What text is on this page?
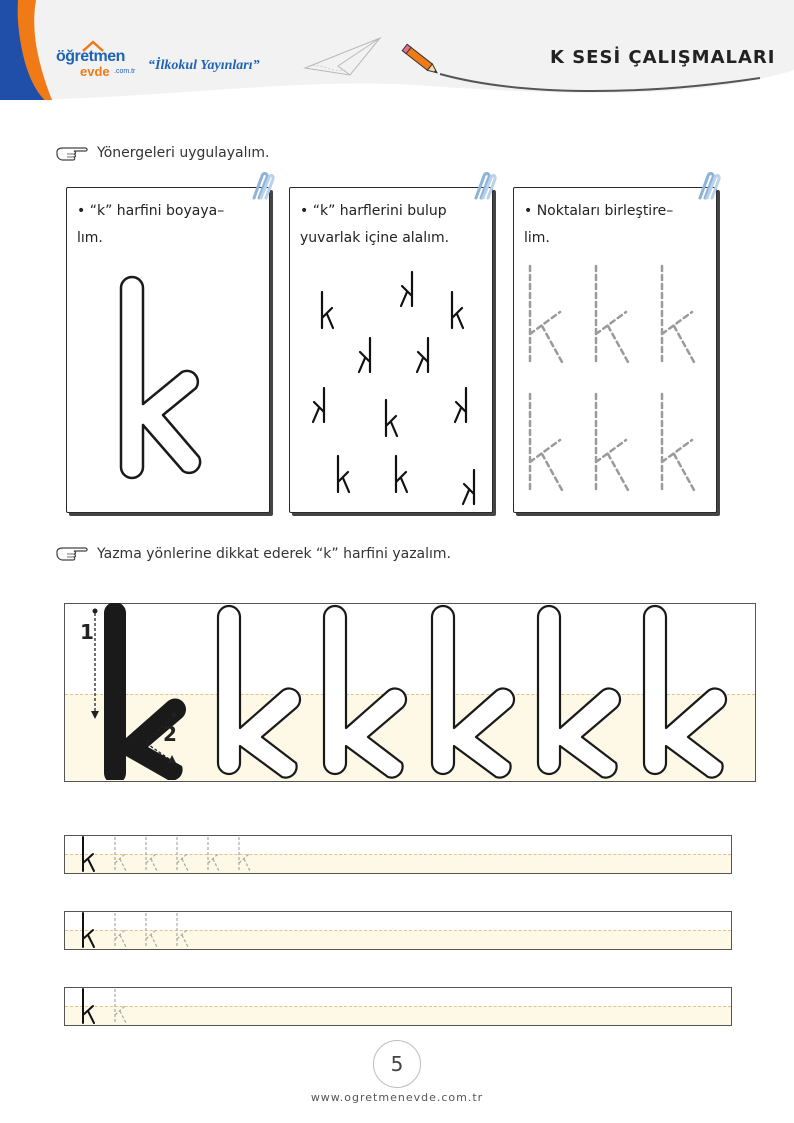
öğretmen
evde .com.tr “İlkokul Yayınları”	K SESİ ÇALIŞMALARI
Yönergeleri uygulayalım.
• “k” harfini boyaya–
lım.
• “k” harflerini bulup
yuvarlak içine alalım.
• Noktaları birleştire–
lim.
Yazma yönlerine dikkat ederek “k” harfini yazalım.
1
2
5
www.ogretmenevde.com.tr
